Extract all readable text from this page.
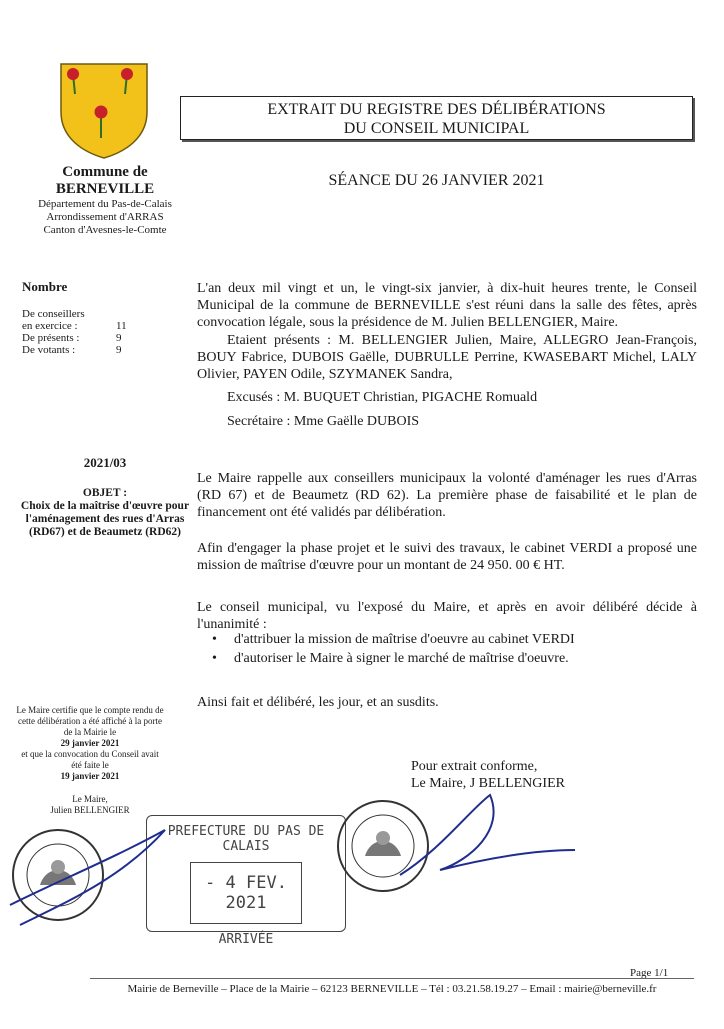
Commune de
BERNEVILLE
Département du Pas-de-Calais
Arrondissement d'ARRAS
Canton d'Avesnes-le-Comte
EXTRAIT DU REGISTRE DES DÉLIBÉRATIONS
DU CONSEIL MUNICIPAL
SÉANCE DU 26 JANVIER 2021
Nombre
De conseillers
en exercice :	11
De présents :	9
De votants :	9
L'an deux mil vingt et un, le vingt-six janvier, à dix-huit heures trente, le Conseil Municipal de la commune de BERNEVILLE s'est réuni dans la salle des fêtes, après convocation légale, sous la présidence de M. Julien BELLENGIER, Maire.
Etaient présents : M. BELLENGIER Julien, Maire, ALLEGRO Jean-François, BOUY Fabrice, DUBOIS Gaëlle, DUBRULLE Perrine, KWASEBART Michel, LALY Olivier, PAYEN Odile, SZYMANEK Sandra,
Excusés : M. BUQUET Christian, PIGACHE Romuald
Secrétaire : Mme Gaëlle DUBOIS
2021/03
OBJET :
Choix de la maîtrise d'œuvre pour l'aménagement des rues d'Arras (RD67) et de Beaumetz (RD62)
Le Maire rappelle aux conseillers municipaux la volonté d'aménager les rues d'Arras (RD 67) et de Beaumetz (RD 62). La première phase de faisabilité et le plan de financement ont été validés par délibération.
Afin d'engager la phase projet et le suivi des travaux, le cabinet VERDI a proposé une mission de maîtrise d'œuvre pour un montant de 24 950. 00 € HT.
Le conseil municipal, vu l'exposé du Maire, et après en avoir délibéré décide à l'unanimité :
•	d'attribuer la mission de maîtrise d'oeuvre au cabinet VERDI
•	d'autoriser le Maire à signer le marché de maîtrise d'oeuvre.
Ainsi fait et délibéré, les jour, et an susdits.
Pour extrait conforme,
Le Maire, J BELLENGIER
Le Maire certifie que le compte rendu de cette délibération a été affiché à la porte de la Mairie le
29 janvier 2021
et que la convocation du Conseil avait été faite le
19 janvier 2021
Le Maire,
Julien BELLENGIER
PREFECTURE DU PAS DE CALAIS
- 4 FEV. 2021
ARRIVÉE
Page 1/1
Mairie de Berneville – Place de la Mairie – 62123 BERNEVILLE – Tél : 03.21.58.19.27 – Email : mairie@berneville.fr
